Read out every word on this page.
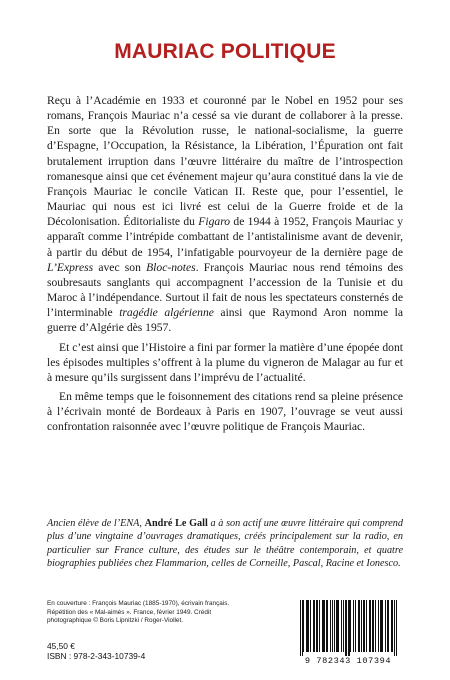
MAURIAC POLITIQUE

Reçu à l’Académie en 1933 et couronné par le Nobel en 1952 pour ses romans, François Mauriac n’a cessé sa vie durant de collaborer à la presse. En sorte que la Révolution russe, le national-socialisme, la guerre d’Espagne, l’Occupation, la Résistance, la Libération, l’Épuration ont fait brutalement irruption dans l’œuvre littéraire du maître de l’introspection romanesque ainsi que cet événement majeur qu’aura constitué dans la vie de François Mauriac le concile Vatican II. Reste que, pour l’essentiel, le Mauriac qui nous est ici livré est celui de la Guerre froide et de la Décolonisation. Éditorialiste du Figaro de 1944 à 1952, François Mauriac y apparaît comme l’intrépide combattant de l’antistalinisme avant de devenir, à partir du début de 1954, l’infatigable pourvoyeur de la dernière page de L’Express avec son Bloc-notes. François Mauriac nous rend témoins des soubresauts sanglants qui accompagnent l’accession de la Tunisie et du Maroc à l’indépendance. Surtout il fait de nous les spectateurs consternés de l’interminable tragédie algérienne ainsi que Raymond Aron nomme la guerre d’Algérie dès 1957.

Et c’est ainsi que l’Histoire a fini par former la matière d’une épopée dont les épisodes multiples s’offrent à la plume du vigneron de Malagar au fur et à mesure qu’ils surgissent dans l’imprévu de l’actualité.

En même temps que le foisonnement des citations rend sa pleine présence à l’écrivain monté de Bordeaux à Paris en 1907, l’ouvrage se veut aussi confrontation raisonnée avec l’œuvre politique de François Mauriac.

Ancien élève de l’ENA, André Le Gall a à son actif une œuvre littéraire qui comprend plus d’une vingtaine d’ouvrages dramatiques, créés principalement sur la radio, en particulier sur France culture, des études sur le théâtre contemporain, et quatre biographies publiées chez Flammarion, celles de Corneille, Pascal, Racine et Ionesco.

En couverture : François Mauriac (1885-1970), écrivain français. Répétition des « Mal-aimés ». France, février 1949. Crédit photographique © Boris Lipnitzki / Roger-Viollet.

45,50 €
ISBN : 978-2-343-10739-4	9 782343 107394
